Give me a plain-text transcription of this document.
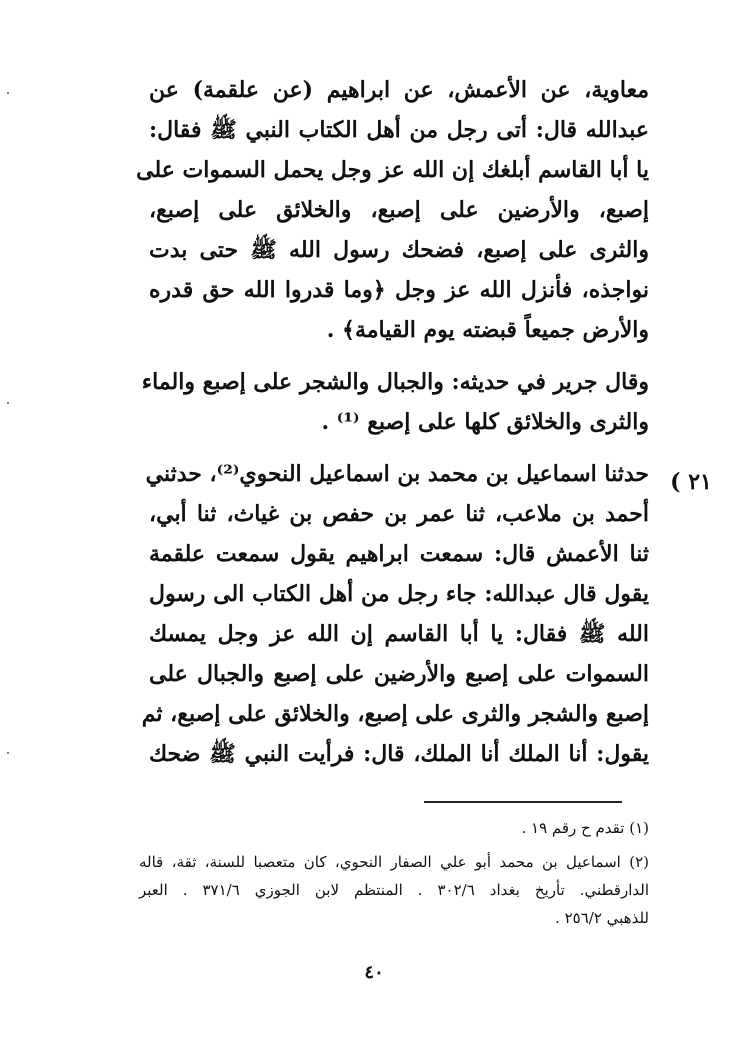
معاوية، عن الأعمش، عن ابراهيم (عن علقمة) عن
عبدالله قال: أتى رجل من أهل الكتاب النبي ﷺ فقال:
يا أبا القاسم أبلغك إن الله عز وجل يحمل السموات على
إصبع، والأرضين على إصبع، والخلائق على إصبع،
والثرى على إصبع، فضحك رسول الله ﷺ حتى بدت
نواجذه، فأنزل الله عز وجل ﴿وما قدروا الله حق قدره
والأرض جميعاً قبضته يوم القيامة﴾ .
وقال جرير في حديثه: والجبال والشجر على إصبع والماء
والثرى والخلائق كلها على إصبع ⁽¹⁾ .
حدثنا اسماعيل بن محمد بن اسماعيل النحوي⁽²⁾، حدثني
أحمد بن ملاعب، ثنا عمر بن حفص بن غياث، ثنا أبي،
ثنا الأعمش قال: سمعت ابراهيم يقول سمعت علقمة
يقول قال عبدالله: جاء رجل من أهل الكتاب الى رسول
الله ﷺ فقال: يا أبا القاسم إن الله عز وجل يمسك
السموات على إصبع والأرضين على إصبع والجبال على
إصبع والشجر والثرى على إصبع، والخلائق على إصبع، ثم
يقول: أنا الملك أنا الملك، قال: فرأيت النبي ﷺ ضحك
٢١ )
(١) تقدم ح رقم ١٩ .
(٢) اسماعيل بن محمد أبو علي الصفار النحوي، كان متعصبا للسنة، ثقة، قاله
الدارقطني. تأريخ بغداد ٣٠٢/٦ . المنتظم لابن الجوزي ٣٧١/٦ . العبر
للذهبي ٢٥٦/٢ .
٤٠
